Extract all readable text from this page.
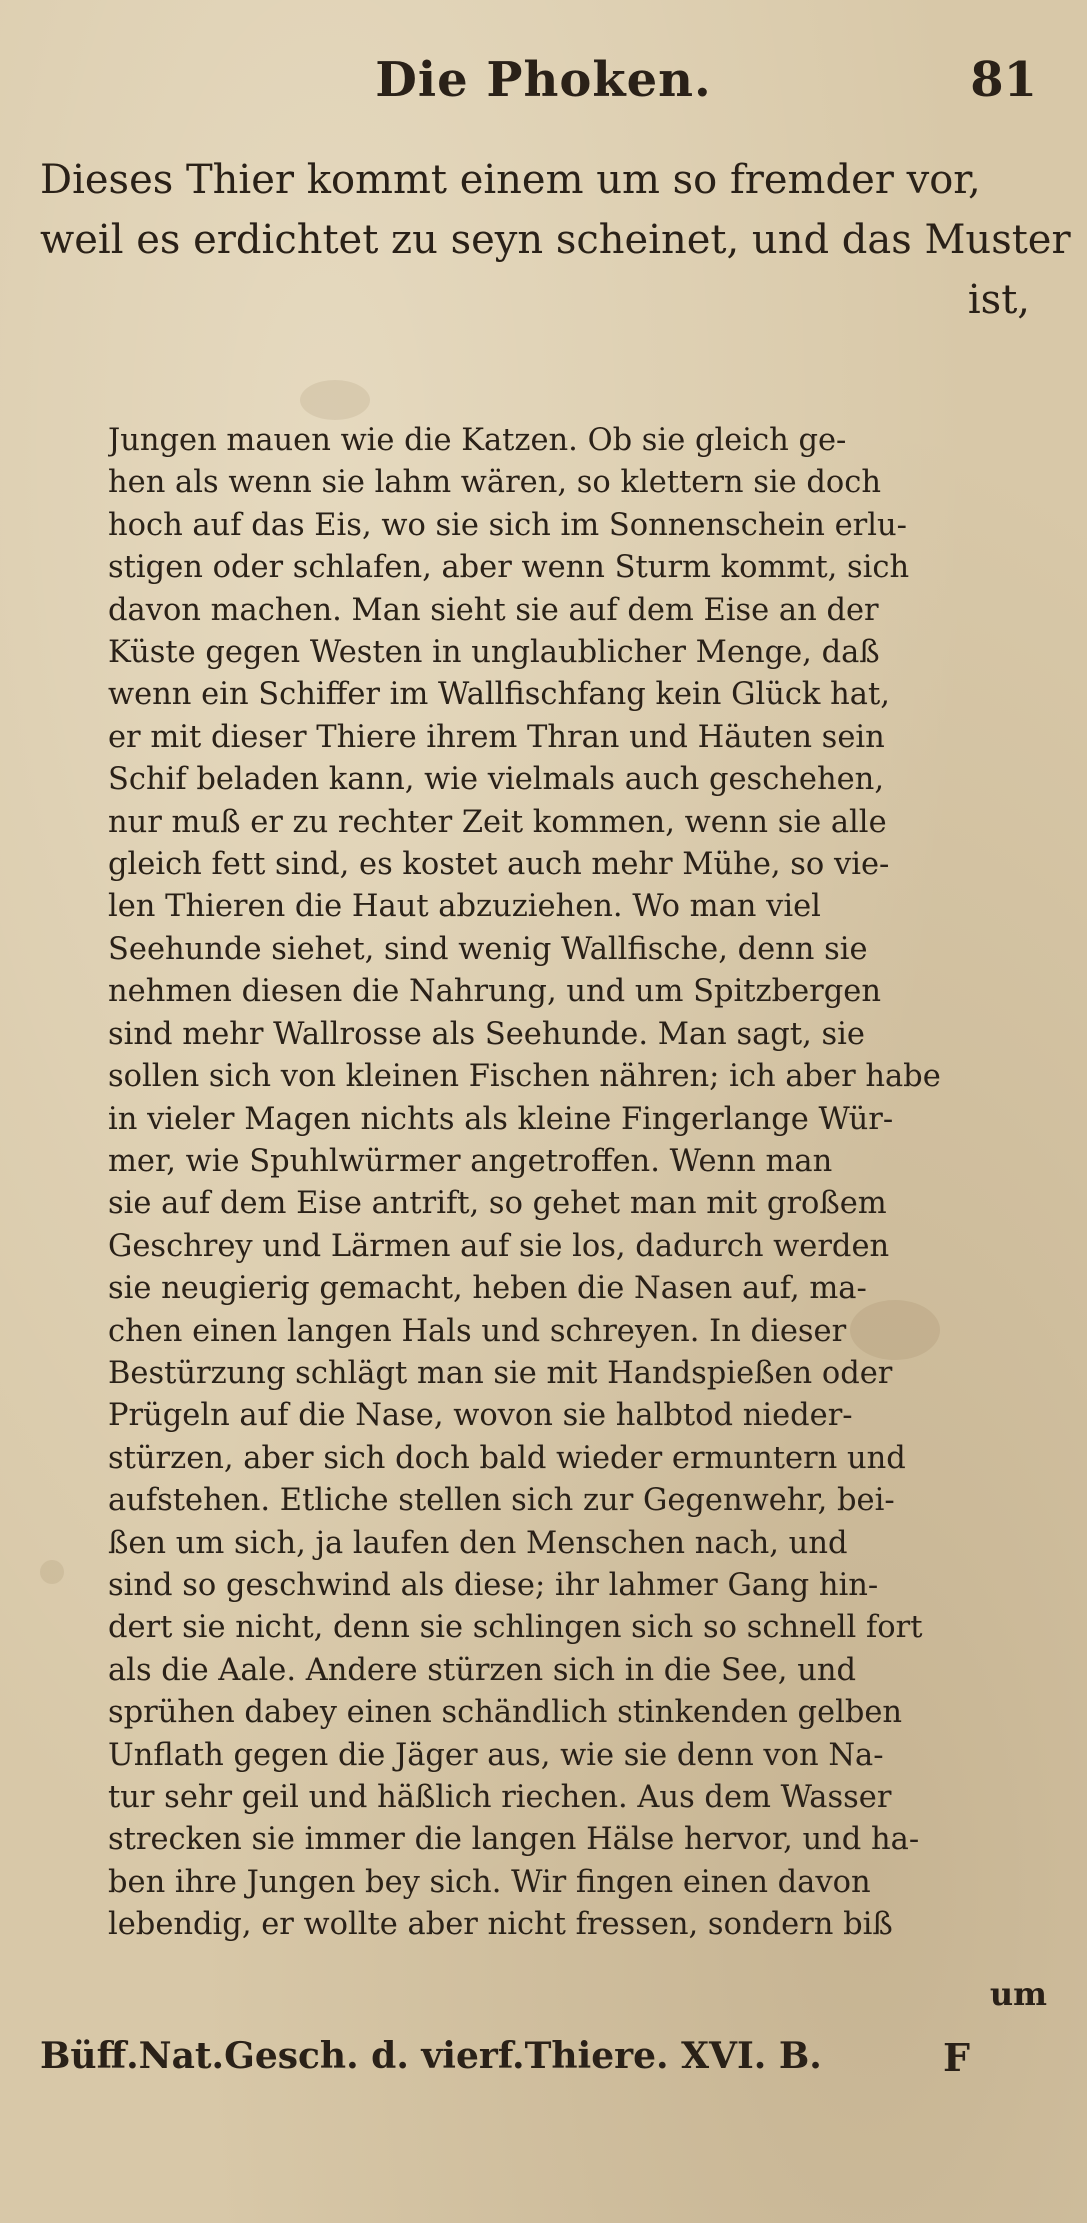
Die Phoken.	81
Dieses Thier kommt einem um so fremder vor,
weil es erdichtet zu seyn scheinet, und das Muster
ist,
Jungen mauen wie die Katzen. Ob sie gleich ge-
hen als wenn sie lahm wären, so klettern sie doch
hoch auf das Eis, wo sie sich im Sonnenschein erlu-
stigen oder schlafen, aber wenn Sturm kommt, sich
davon machen. Man sieht sie auf dem Eise an der
Küste gegen Westen in unglaublicher Menge, daß
wenn ein Schiffer im Wallfischfang kein Glück hat,
er mit dieser Thiere ihrem Thran und Häuten sein
Schif beladen kann, wie vielmals auch geschehen,
nur muß er zu rechter Zeit kommen, wenn sie alle
gleich fett sind, es kostet auch mehr Mühe, so vie-
len Thieren die Haut abzuziehen. Wo man viel
Seehunde siehet, sind wenig Wallfische, denn sie
nehmen diesen die Nahrung, und um Spitzbergen
sind mehr Wallrosse als Seehunde. Man sagt, sie
sollen sich von kleinen Fischen nähren; ich aber habe
in vieler Magen nichts als kleine Fingerlange Wür-
mer, wie Spuhlwürmer angetroffen. Wenn man
sie auf dem Eise antrift, so gehet man mit großem
Geschrey und Lärmen auf sie los, dadurch werden
sie neugierig gemacht, heben die Nasen auf, ma-
chen einen langen Hals und schreyen. In dieser
Bestürzung schlägt man sie mit Handspießen oder
Prügeln auf die Nase, wovon sie halbtod nieder-
stürzen, aber sich doch bald wieder ermuntern und
aufstehen. Etliche stellen sich zur Gegenwehr, bei-
ßen um sich, ja laufen den Menschen nach, und
sind so geschwind als diese; ihr lahmer Gang hin-
dert sie nicht, denn sie schlingen sich so schnell fort
als die Aale. Andere stürzen sich in die See, und
sprühen dabey einen schändlich stinkenden gelben
Unflath gegen die Jäger aus, wie sie denn von Na-
tur sehr geil und häßlich riechen. Aus dem Wasser
strecken sie immer die langen Hälse hervor, und ha-
ben ihre Jungen bey sich. Wir fingen einen davon
lebendig, er wollte aber nicht fressen, sondern biß
um
Büff.Nat.Gesch. d. vierf.Thiere. XVI. B.	F
